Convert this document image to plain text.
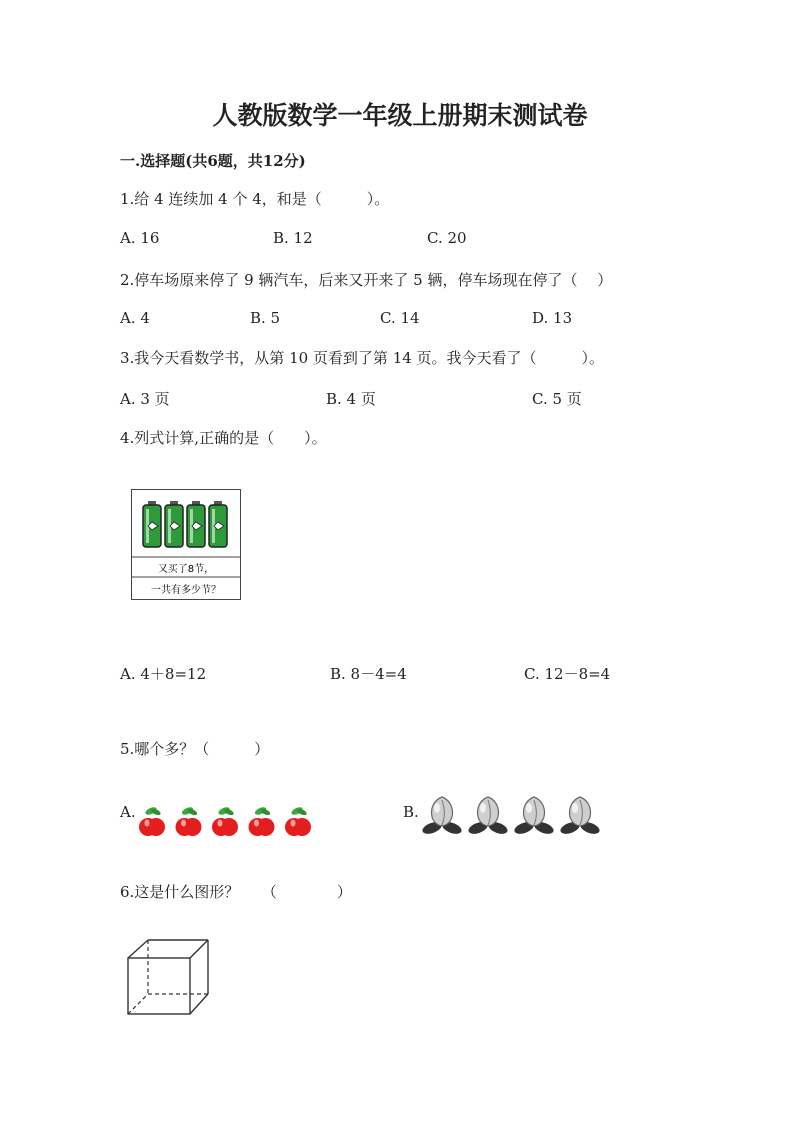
人教版数学一年级上册期末测试卷
一.选择题(共6题，共12分)
1.给 4 连续加 4 个 4，和是（　　　）。
A. 16	B. 12	C. 20
2.停车场原来停了 9 辆汽车，后来又开来了 5 辆，停车场现在停了（　 ）
A. 4	B. 5	C. 14	D. 13
3.我今天看数学书，从第 10 页看到了第 14 页。我今天看了（　　　）。
A. 3 页	B. 4 页	C. 5 页
4.列式计算,正确的是（　　）。
又买了8节，
一共有多少节？
A. 4＋8=12	B. 8－4=4	C. 12－8=4
5.哪个多？（　　　）
A.	B.
6.这是什么图形？　　（　　　　）
